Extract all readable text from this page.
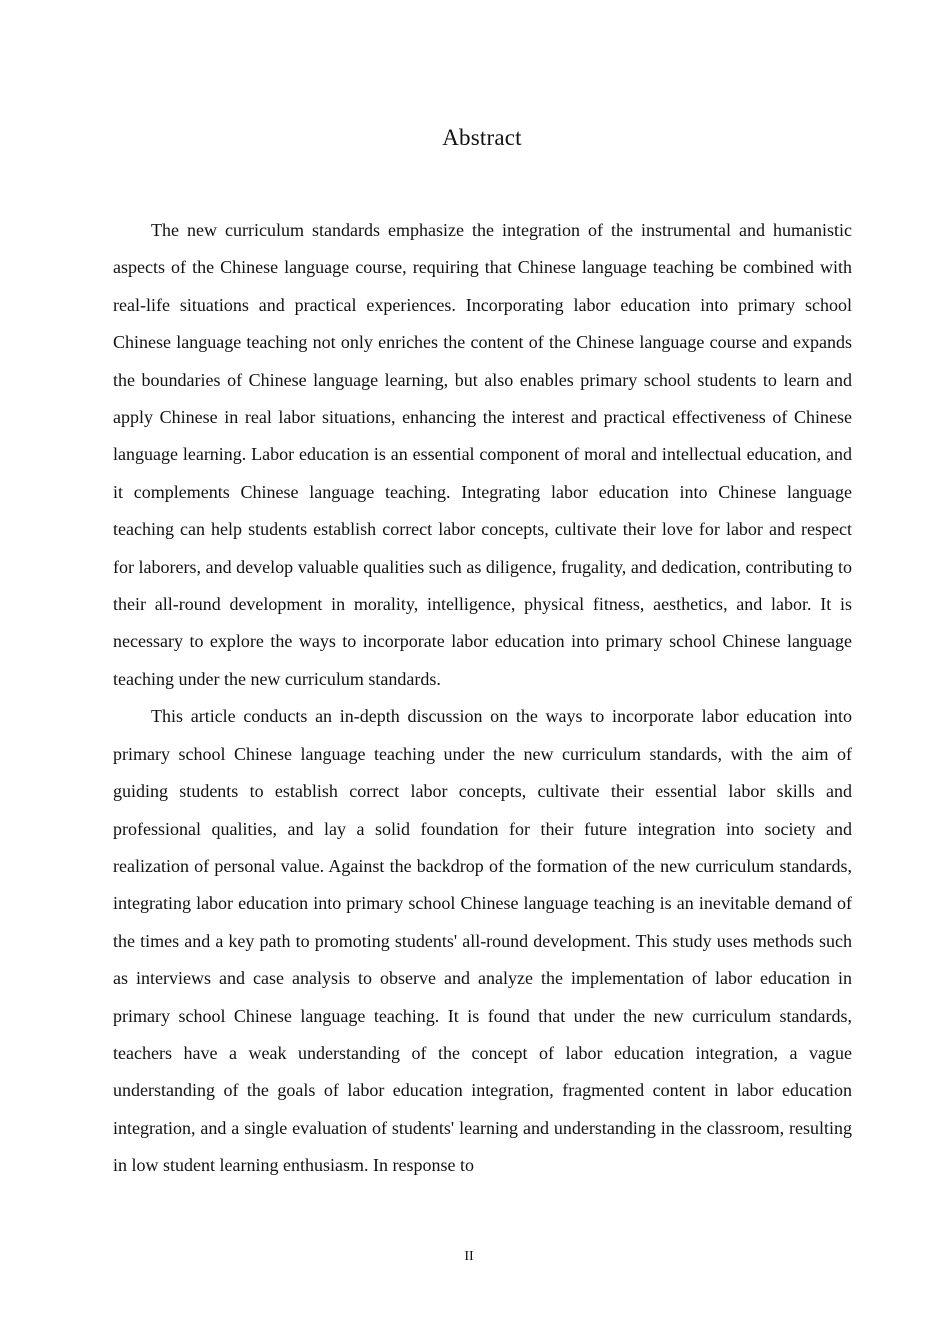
Abstract

The new curriculum standards emphasize the integration of the instrumental and humanistic aspects of the Chinese language course, requiring that Chinese language teaching be combined with real-life situations and practical experiences. Incorporating labor education into primary school Chinese language teaching not only enriches the content of the Chinese language course and expands the boundaries of Chinese language learning, but also enables primary school students to learn and apply Chinese in real labor situations, enhancing the interest and practical effectiveness of Chinese language learning. Labor education is an essential component of moral and intellectual education, and it complements Chinese language teaching. Integrating labor education into Chinese language teaching can help students establish correct labor concepts, cultivate their love for labor and respect for laborers, and develop valuable qualities such as diligence, frugality, and dedication, contributing to their all-round development in morality, intelligence, physical fitness, aesthetics, and labor. It is necessary to explore the ways to incorporate labor education into primary school Chinese language teaching under the new curriculum standards.

This article conducts an in-depth discussion on the ways to incorporate labor education into primary school Chinese language teaching under the new curriculum standards, with the aim of guiding students to establish correct labor concepts, cultivate their essential labor skills and professional qualities, and lay a solid foundation for their future integration into society and realization of personal value. Against the backdrop of the formation of the new curriculum standards, integrating labor education into primary school Chinese language teaching is an inevitable demand of the times and a key path to promoting students' all-round development. This study uses methods such as interviews and case analysis to observe and analyze the implementation of labor education in primary school Chinese language teaching. It is found that under the new curriculum standards, teachers have a weak understanding of the concept of labor education integration, a vague understanding of the goals of labor education integration, fragmented content in labor education integration, and a single evaluation of students' learning and understanding in the classroom, resulting in low student learning enthusiasm. In response to

II
